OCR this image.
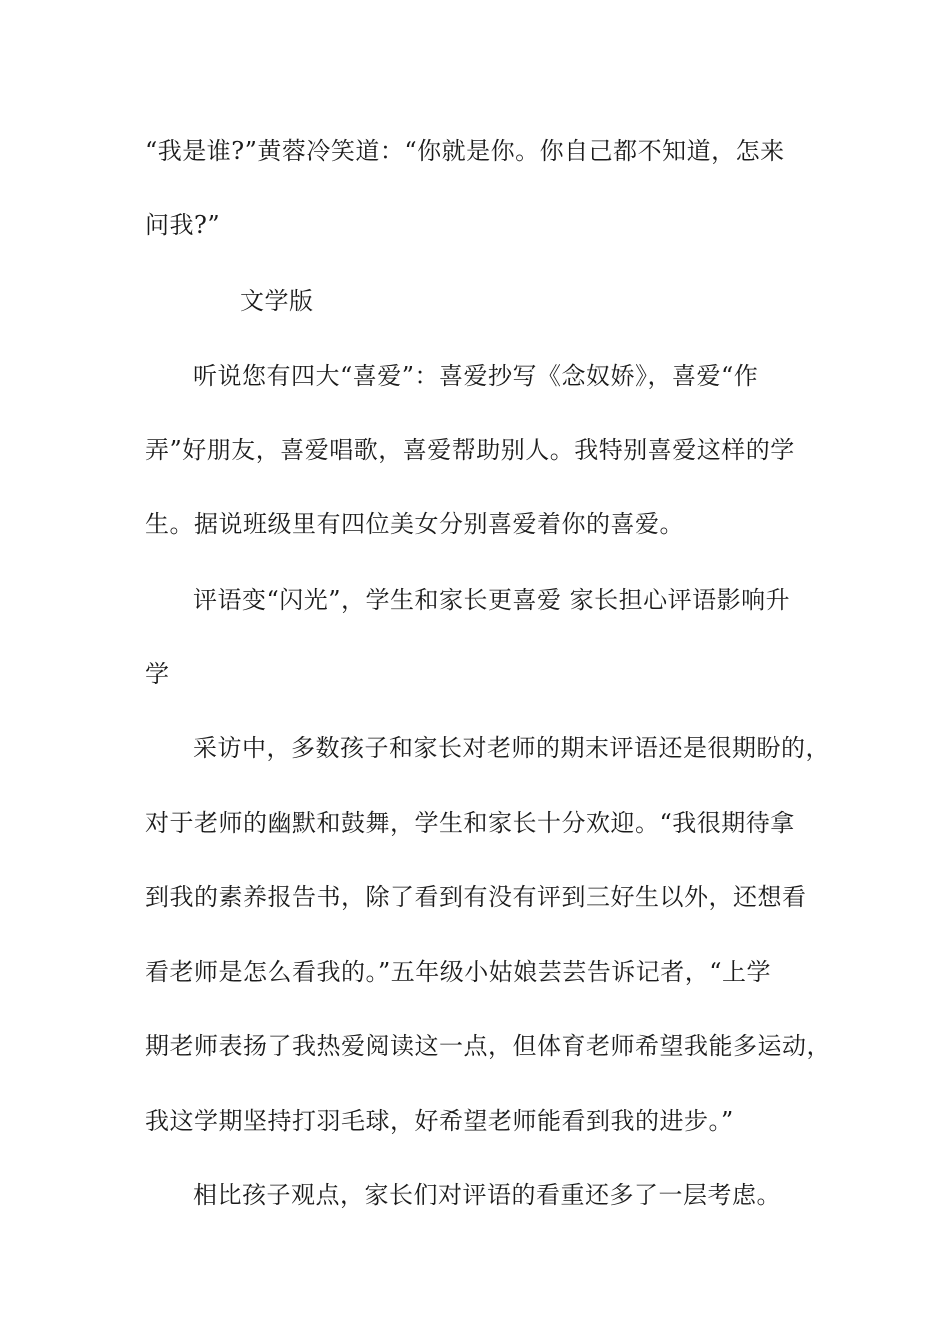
“我是谁?”黄蓉冷笑道：“你就是你。你自己都不知道，怎来
问我?”
文学版
听说您有四大“喜爱”：喜爱抄写《念奴娇》，喜爱“作
弄”好朋友，喜爱唱歌，喜爱帮助别人。我特别喜爱这样的学
生。据说班级里有四位美女分别喜爱着你的喜爱。
评语变“闪光”，学生和家长更喜爱 家长担心评语影响升
学
采访中，多数孩子和家长对老师的期末评语还是很期盼的，
对于老师的幽默和鼓舞，学生和家长十分欢迎。“我很期待拿
到我的素养报告书，除了看到有没有评到三好生以外，还想看
看老师是怎么看我的。”五年级小姑娘芸芸告诉记者，“上学
期老师表扬了我热爱阅读这一点，但体育老师希望我能多运动，
我这学期坚持打羽毛球，好希望老师能看到我的进步。”
相比孩子观点，家长们对评语的看重还多了一层考虑。
